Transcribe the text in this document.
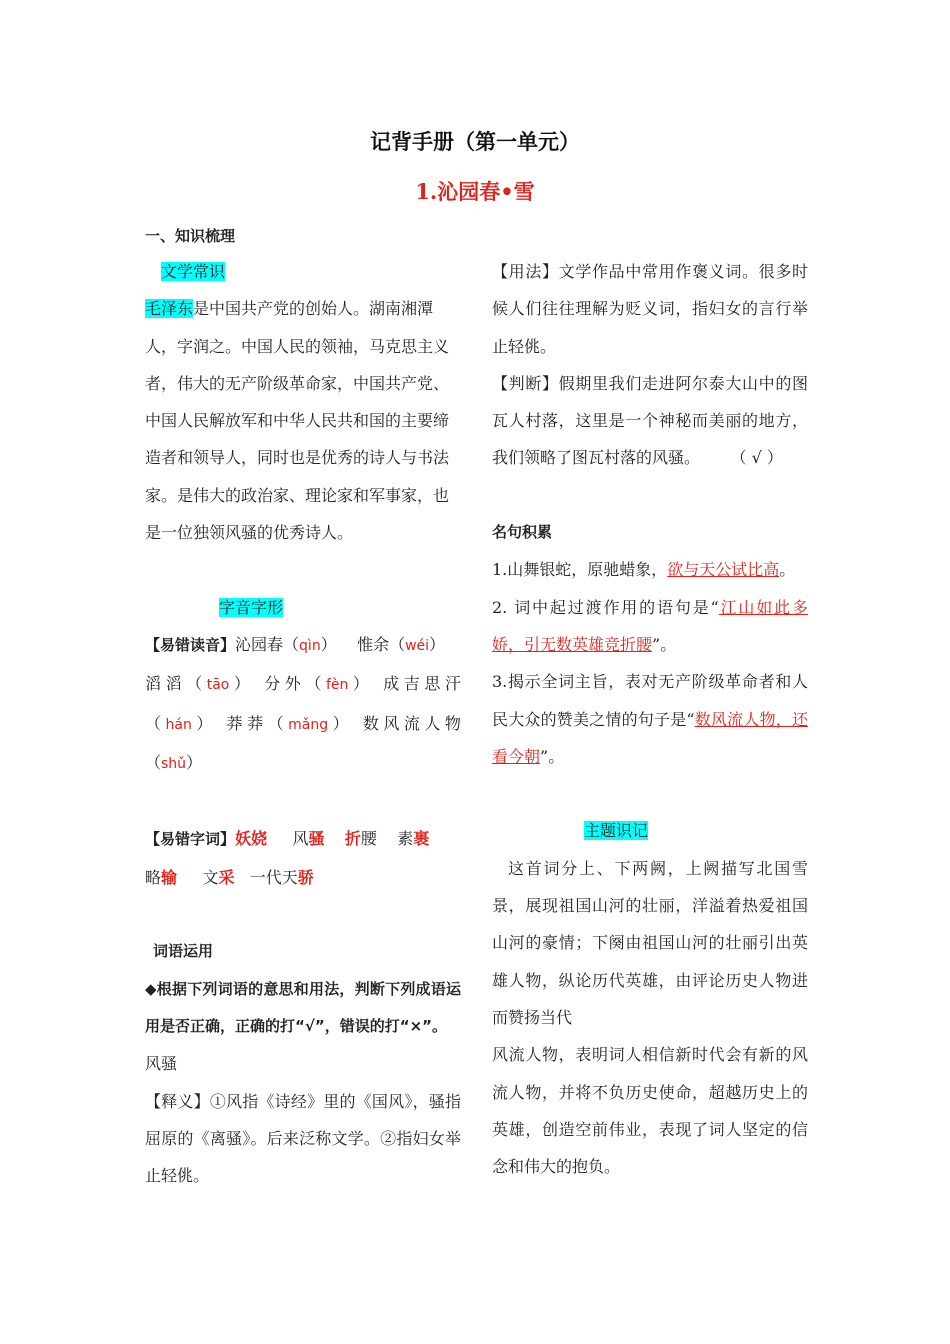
记背手册（第一单元）
1.沁园春•雪
一、知识梳理

文学常识

毛泽东是中国共产党的创始人。湖南湘潭人，字润之。中国人民的领袖，马克思主义者，伟大的无产阶级革命家，中国共产党、中国人民解放军和中华人民共和国的主要缔造者和领导人，同时也是优秀的诗人与书法家。是伟大的政治家、理论家和军事家，也是一位独领风骚的优秀诗人。

字音字形

【易错读音】沁园春（qìn）    惟余（wéi）

滔滔（tāo） 分外（fèn） 成吉思汗

（hán） 莽莽（mǎng） 数风流人物

（shǔ）

【易错字词】妖娆 风骚 折腰 素裹

略输 文采 一代天骄

词语运用

◆根据下列词语的意思和用法，判断下列成语运用是否正确，正确的打“√”，错误的打“×”。

风骚

【释义】①风指《诗经》里的《国风》，骚指屈原的《离骚》。后来泛称文学。②指妇女举止轻佻。

【用法】文学作品中常用作褒义词。很多时候人们往往理解为贬义词，指妇女的言行举止轻佻。

【判断】假期里我们走进阿尔泰大山中的图瓦人村落，这里是一个神秘而美丽的地方，我们领略了图瓦村落的风骚。 （ √ ）

名句积累

1.山舞银蛇，原驰蜡象，欲与天公试比高。

2. 词中起过渡作用的语句是“江山如此多娇，引无数英雄竞折腰”。

3.揭示全词主旨，表对无产阶级革命者和人民大众的赞美之情的句子是“数风流人物，还看今朝”。

主题识记

这首词分上、下两阙，上阙描写北国雪景，展现祖国山河的壮丽，洋溢着热爱祖国山河的豪情；下阕由祖国山河的壮丽引出英雄人物，纵论历代英雄，由评论历史人物进而赞扬当代

风流人物，表明词人相信新时代会有新的风流人物，并将不负历史使命，超越历史上的英雄，创造空前伟业，表现了词人坚定的信念和伟大的抱负。
